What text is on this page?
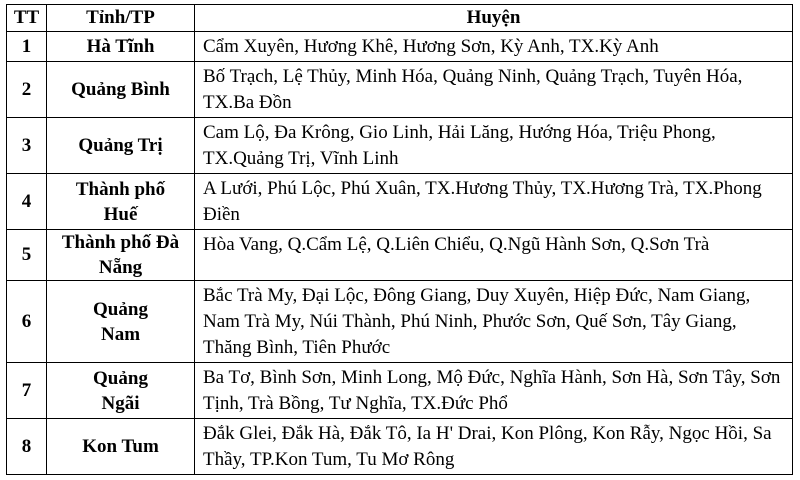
TT	Tỉnh/TP	Huyện
1	Hà Tĩnh	Cẩm Xuyên, Hương Khê, Hương Sơn, Kỳ Anh, TX.Kỳ Anh
2	Quảng Bình	Bố Trạch, Lệ Thủy, Minh Hóa, Quảng Ninh, Quảng Trạch, Tuyên Hóa, TX.Ba Đồn
3	Quảng Trị	Cam Lộ, Đa Krông, Gio Linh, Hải Lăng, Hướng Hóa, Triệu Phong, TX.Quảng Trị, Vĩnh Linh
4	Thành phố Huế	A Lưới, Phú Lộc, Phú Xuân, TX.Hương Thủy, TX.Hương Trà, TX.Phong Điền
5	Thành phố Đà Nẵng	Hòa Vang, Q.Cẩm Lệ, Q.Liên Chiểu, Q.Ngũ Hành Sơn, Q.Sơn Trà
6	Quảng Nam	Bắc Trà My, Đại Lộc, Đông Giang, Duy Xuyên, Hiệp Đức, Nam Giang, Nam Trà My, Núi Thành, Phú Ninh, Phước Sơn, Quế Sơn, Tây Giang, Thăng Bình, Tiên Phước
7	Quảng Ngãi	Ba Tơ, Bình Sơn, Minh Long, Mộ Đức, Nghĩa Hành, Sơn Hà, Sơn Tây, Sơn Tịnh, Trà Bồng, Tư Nghĩa, TX.Đức Phổ
8	Kon Tum	Đắk Glei, Đắk Hà, Đắk Tô, Ia H' Drai, Kon Plông, Kon Rẫy, Ngọc Hồi, Sa Thầy, TP.Kon Tum, Tu Mơ Rông
